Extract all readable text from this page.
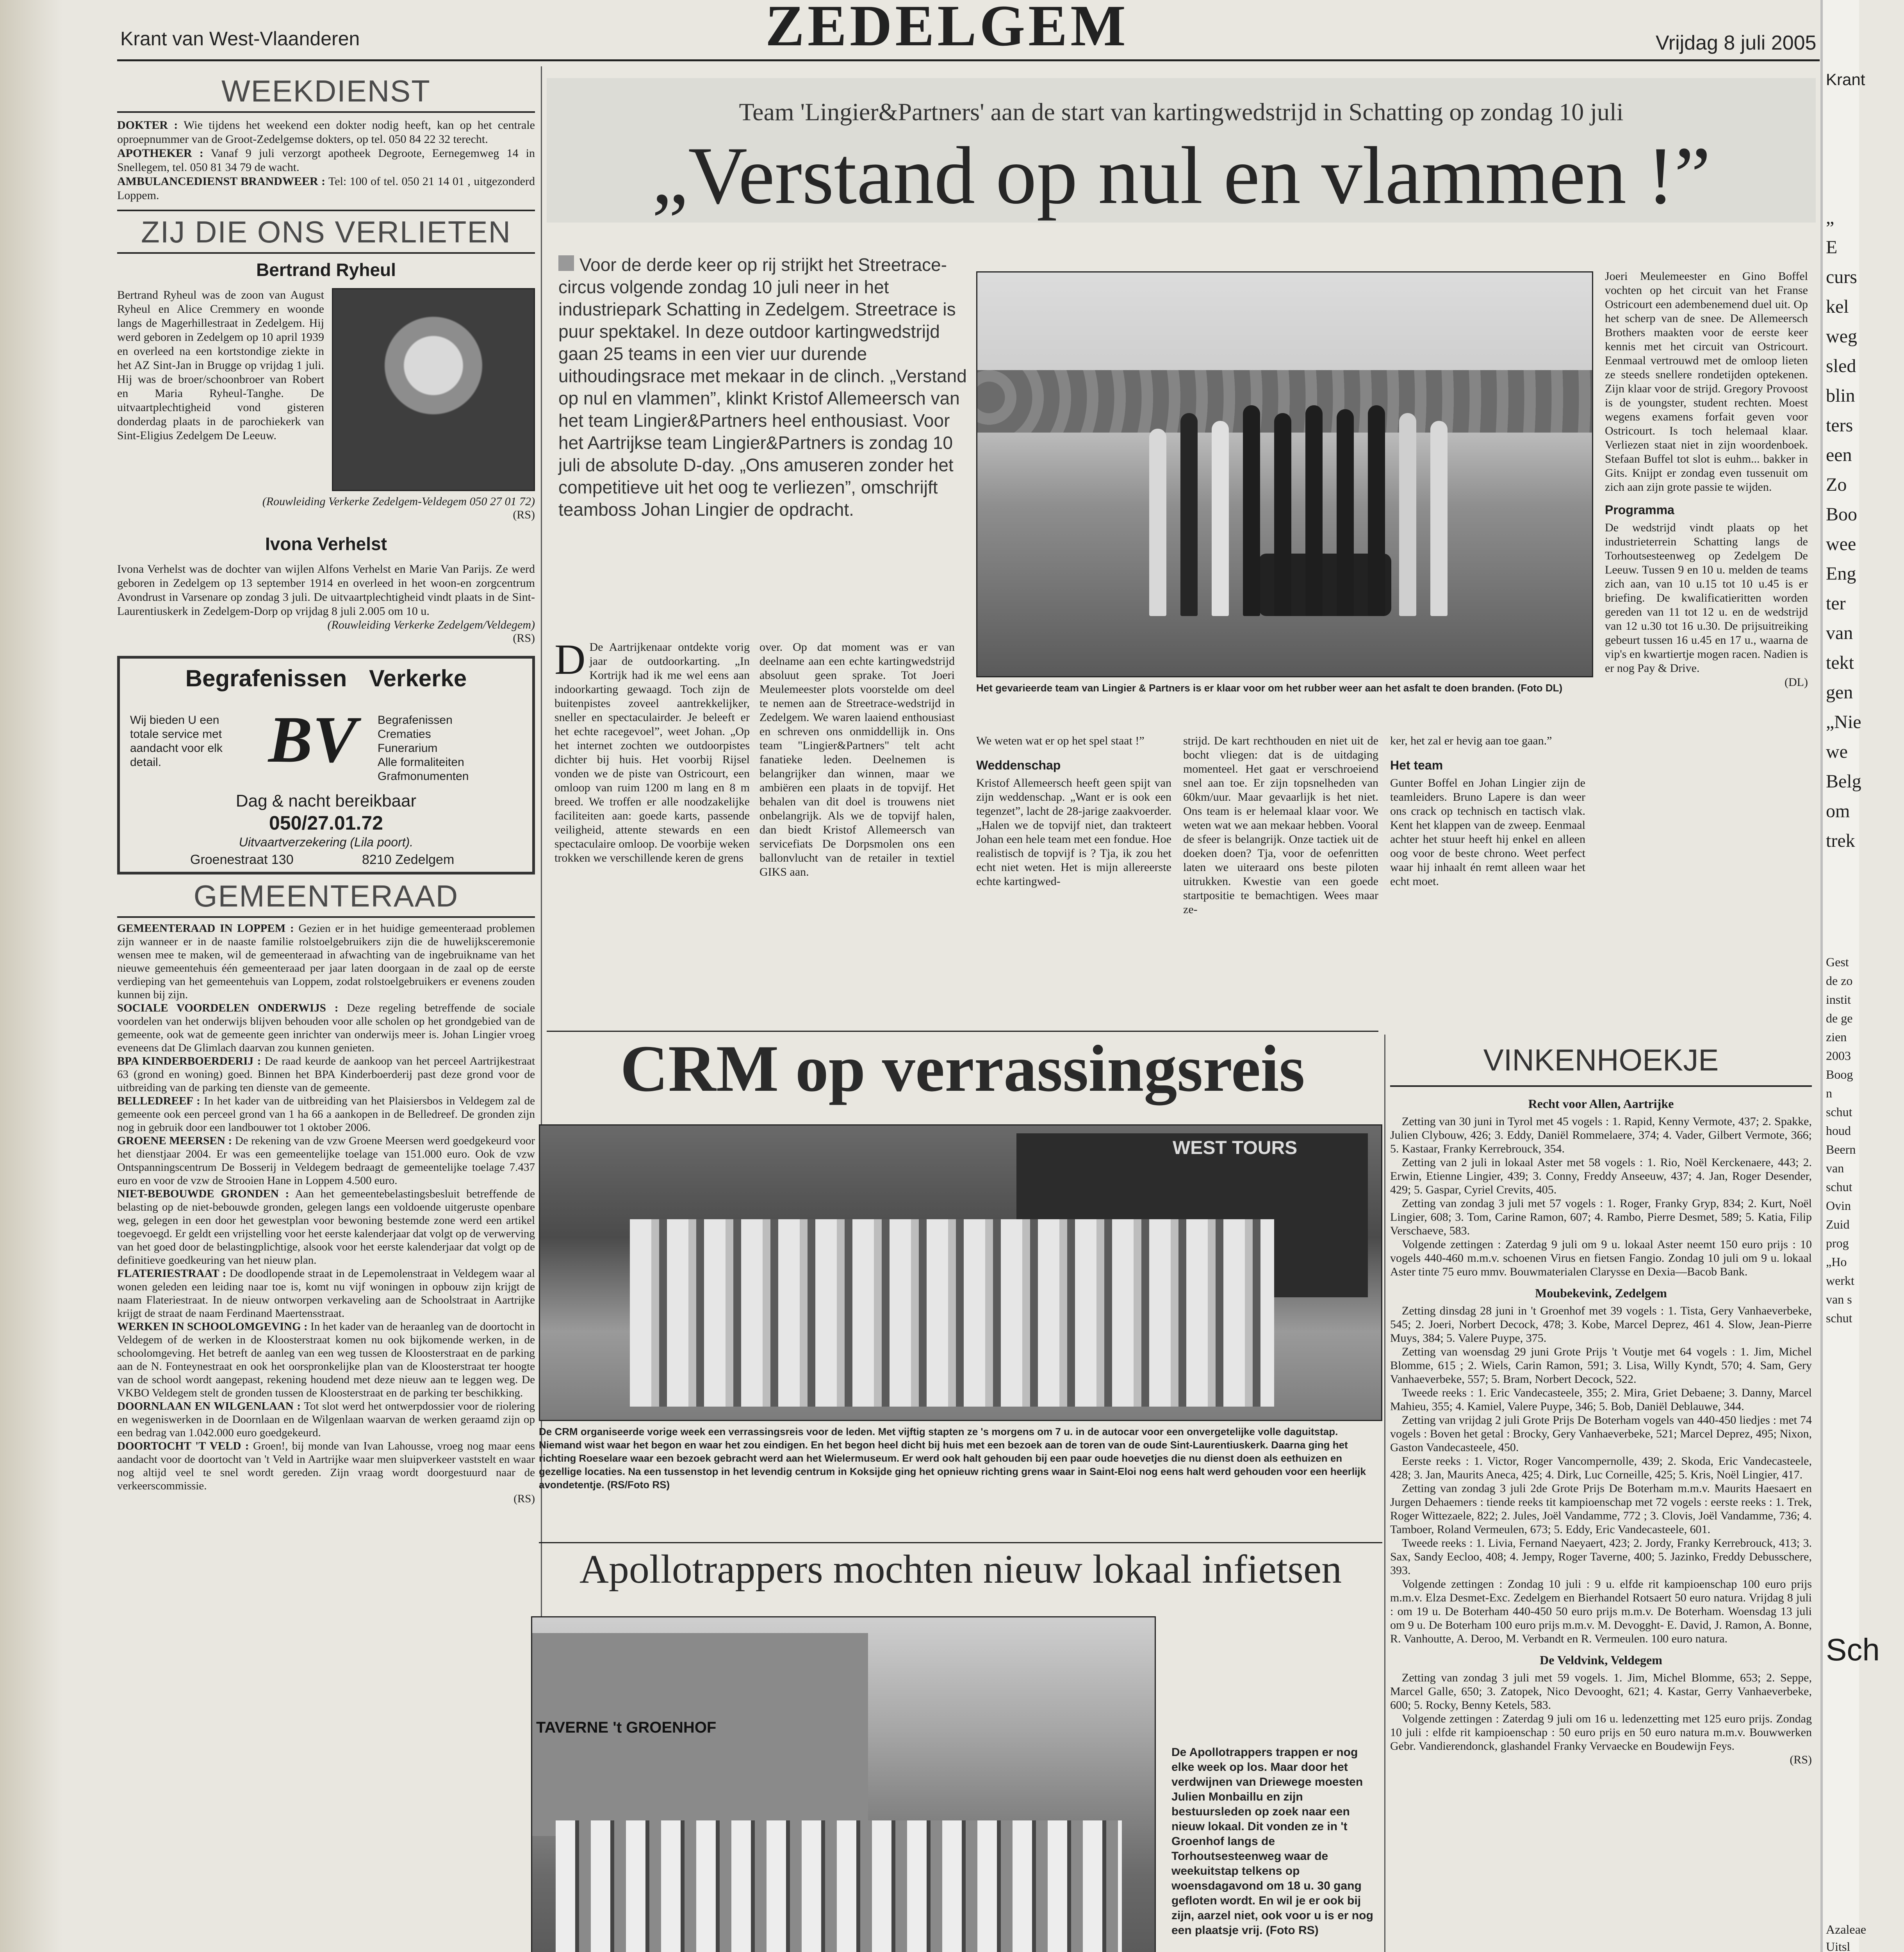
Krant van West-Vlaanderen	ZEDELGEM	Vrijdag 8 juli 2005
WEEKDIENST

DOKTER : Wie tijdens het weekend een dokter nodig heeft, kan op het centrale oproepnummer van de Groot-Zedelgemse dokters, op tel. 050 84 22 32 terecht.

APOTHEKER : Vanaf 9 juli verzorgt apotheek Degroote, Eernegemweg 14 in Snellegem, tel. 050 81 34 79 de wacht.

AMBULANCEDIENST BRANDWEER : Tel: 100 of tel. 050 21 14 01 , uitgezonderd Loppem.

ZIJ DIE ONS VERLIETEN
Bertrand Ryheul
Bertrand Ryheul was de zoon van August Ryheul en Alice Cremmery en woonde langs de Magerhillestraat in Zedelgem. Hij werd geboren in Zedelgem op 10 april 1939 en overleed na een kortstondige ziekte in het AZ Sint-Jan in Brugge op vrijdag 1 juli. Hij was de broer/schoonbroer van Robert en Maria Ryheul-Tanghe. De uitvaartplechtigheid vond gisteren donderdag plaats in de parochiekerk van Sint-Eligius Zedelgem De Leeuw.
(Rouwleiding Verkerke Zedelgem-Veldegem 050 27 01 72)
(RS)
Ivona Verhelst
Ivona Verhelst was de dochter van wijlen Alfons Verhelst en Marie Van Parijs. Ze werd geboren in Zedelgem op 13 september 1914 en overleed in het woon-en zorgcentrum Avondrust in Varsenare op zondag 3 juli. De uitvaartplechtigheid vindt plaats in de Sint-Laurentiuskerk in Zedelgem-Dorp op vrijdag 8 juli 2.005 om 10 u.
(Rouwleiding Verkerke Zedelgem/Veldegem)
(RS)
Begrafenissen Verkerke
Wij bieden U een totale service met aandacht voor elk detail.	BV Begrafenissen
Crematies
Funerarium
Alle formaliteiten
Grafmonumenten
Dag & nacht bereikbaar
050/27.01.72
Uitvaartverzekering (Lila poort).
Groenestraat 130	8210 Zedelgem
GEMEENTERAAD

GEMEENTERAAD IN LOPPEM : Gezien er in het huidige gemeenteraad problemen zijn wanneer er in de naaste familie rolstoelgebruikers zijn die de huwelijksceremonie wensen mee te maken, wil de gemeenteraad in afwachting van de ingebruikname van het nieuwe gemeentehuis één gemeenteraad per jaar laten doorgaan in de zaal op de eerste verdieping van het gemeentehuis van Loppem, zodat rolstoelgebruikers er evenens zouden kunnen bij zijn.

SOCIALE VOORDELEN ONDERWIJS : Deze regeling betreffende de sociale voordelen van het onderwijs blijven behouden voor alle scholen op het grondgebied van de gemeente, ook wat de gemeente geen inrichter van onderwijs meer is. Johan Lingier vroeg eveneens dat De Glimlach daarvan zou kunnen genieten.

BPA KINDERBOERDERIJ : De raad keurde de aankoop van het perceel Aartrijkestraat 63 (grond en woning) goed. Binnen het BPA Kinderboerderij past deze grond voor de uitbreiding van de parking ten dienste van de gemeente.

BELLEDREEF : In het kader van de uitbreiding van het Plaisiersbos in Veldegem zal de gemeente ook een perceel grond van 1 ha 66 a aankopen in de Belledreef. De gronden zijn nog in gebruik door een landbouwer tot 1 oktober 2006.

GROENE MEERSEN : De rekening van de vzw Groene Meersen werd goedgekeurd voor het dienstjaar 2004. Er was een gemeentelijke toelage van 151.000 euro. Ook de vzw Ontspanningscentrum De Bosserij in Veldegem bedraagt de gemeentelijke toelage 7.437 euro en voor de vzw de Strooien Hane in Loppem 4.500 euro.

NIET-BEBOUWDE GRONDEN : Aan het gemeentebelastingsbesluit betreffende de belasting op de niet-bebouwde gronden, gelegen langs een voldoende uitgeruste openbare weg, gelegen in een door het gewestplan voor bewoning bestemde zone werd een artikel toegevoegd. Er geldt een vrijstelling voor het eerste kalenderjaar dat volgt op de verwerving van het goed door de belastingplichtige, alsook voor het eerste kalenderjaar dat volgt op de definitieve goedkeuring van het nieuw plan.

FLATERIESTRAAT : De doodlopende straat in de Lepemolenstraat in Veldegem waar al wonen geleden een leiding naar toe is, komt nu vijf woningen in opbouw zijn krijgt de naam Flateriestraat. In de nieuw ontworpen verkaveling aan de Schoolstraat in Aartrijke krijgt de straat de naam Ferdinand Maertensstraat.

WERKEN IN SCHOOLOMGEVING : In het kader van de heraanleg van de doortocht in Veldegem of de werken in de Kloosterstraat komen nu ook bijkomende werken, in de schoolomgeving. Het betreft de aanleg van een weg tussen de Kloosterstraat en de parking aan de N. Fonteynestraat en ook het oorspronkelijke plan van de Kloosterstraat ter hoogte van de school wordt aangepast, rekening houdend met deze nieuw aan te leggen weg. De VKBO Veldegem stelt de gronden tussen de Kloosterstraat en de parking ter beschikking.

DOORNLAAN EN WILGENLAAN : Tot slot werd het ontwerpdossier voor de riolering en wegeniswerken in de Doornlaan en de Wilgenlaan waarvan de werken geraamd zijn op een bedrag van 1.042.000 euro goedgekeurd.

DOORTOCHT 'T VELD : Groen!, bij monde van Ivan Lahousse, vroeg nog maar eens aandacht voor de doortocht van 't Veld in Aartrijke waar men sluipverkeer vaststelt en waar nog altijd veel te snel wordt gereden. Zijn vraag wordt doorgestuurd naar de verkeerscommissie.

(RS)
Team 'Lingier&Partners' aan de start van kartingwedstrijd in Schatting op zondag 10 juli
„Verstand op nul en vlammen !”
Voor de derde keer op rij strijkt het Streetrace-circus volgende zondag 10 juli neer in het industriepark Schatting in Zedelgem. Streetrace is puur spektakel. In deze outdoor kartingwedstrijd gaan 25 teams in een vier uur durende uithoudingsrace met mekaar in de clinch. „Verstand op nul en vlammen”, klinkt Kristof Allemeersch van het team Lingier&Partners heel enthousiast. Voor het Aartrijkse team Lingier&Partners is zondag 10 juli de absolute D-day. „Ons amuseren zonder het competitieve uit het oog te verliezen”, omschrijft teamboss Johan Lingier de opdracht.
Het gevarieerde team van Lingier & Partners is er klaar voor om het rubber weer aan het asfalt te doen branden. (Foto DL)
D De Aartrijkenaar ontdekte vorig jaar de outdoorkarting. „In Kortrijk had ik me wel eens aan indoorkarting gewaagd. Toch zijn de buitenpistes zoveel aantrekkelijker, sneller en spectaculairder. Je beleeft er het echte racegevoel”, weet Johan. „Op het internet zochten we outdoorpistes dichter bij huis. Het voorbij Rijsel vonden we de piste van Ostricourt, een omloop van ruim 1200 m lang en 8 m breed. We troffen er alle noodzakelijke faciliteiten aan: goede karts, passende veiligheid, attente stewards en een spectaculaire omloop. De voorbije weken trokken we verschillende keren de grens
over. Op dat moment was er van deelname aan een echte kartingwedstrijd absoluut geen sprake. Tot Joeri Meulemeester plots voorstelde om deel te nemen aan de Streetrace-wedstrijd in Zedelgem. We waren laaiend enthousiast en schreven ons onmiddellijk in. Ons team "Lingier&Partners" telt acht fanatieke leden. Deelnemen is belangrijker dan winnen, maar we ambiëren een plaats in de topvijf. Het behalen van dit doel is trouwens niet onbelangrijk. Als we de topvijf halen, dan biedt Kristof Allemeersch van servicefiats De Dorpsmolen ons een ballonvlucht van de retailer in textiel GIKS aan.
We weten wat er op het spel staat !”
Weddenschap
Kristof Allemeersch heeft geen spijt van zijn weddenschap. „Want er is ook een tegenzet”, lacht de 28-jarige zaakvoerder. „Halen we de topvijf niet, dan trakteert Johan een hele team met een fondue. Hoe realistisch de topvijf is ? Tja, ik zou het echt niet weten. Het is mijn allereerste echte kartingwed-
strijd. De kart rechthouden en niet uit de bocht vliegen: dat is de uitdaging momenteel. Het gaat er verschroeiend snel aan toe. Er zijn topsnelheden van 60km/uur. Maar gevaarlijk is het niet. Ons team is er helemaal klaar voor. We weten wat we aan mekaar hebben. Vooral de sfeer is belangrijk. Onze tactiek uit de doeken doen? Tja, voor de oefenritten laten we uiteraard ons beste piloten uitrukken. Kwestie van een goede startpositie te bemachtigen. Wees maar ze-
ker, het zal er hevig aan toe gaan.”
Het team
Gunter Boffel en Johan Lingier zijn de teamleiders. Bruno Lapere is dan weer ons crack op technisch en tactisch vlak. Kent het klappen van de zweep. Eenmaal achter het stuur heeft hij enkel en alleen oog voor de beste chrono. Weet perfect waar hij inhaalt én remt alleen waar het echt moet.
Joeri Meulemeester en Gino Boffel vochten op het circuit van het Franse Ostricourt een adembenemend duel uit. Op het scherp van de snee. De Allemeersch Brothers maakten voor de eerste keer kennis met het circuit van Ostricourt. Eenmaal vertrouwd met de omloop lieten ze steeds snellere rondetijden optekenen. Zijn klaar voor de strijd. Gregory Provoost is de youngster, student rechten. Moest wegens examens forfait geven voor Ostricourt. Is toch helemaal klaar. Verliezen staat niet in zijn woordenboek. Stefaan Buffel tot slot is euhm... bakker in Gits. Knijpt er zondag even tussenuit om zich aan zijn grote passie te wijden.
Programma
De wedstrijd vindt plaats op het industrieterrein Schatting langs de Torhoutsesteenweg op Zedelgem De Leeuw. Tussen 9 en 10 u. melden de teams zich aan, van 10 u.15 tot 10 u.45 is er briefing. De kwalificatieritten worden gereden van 11 tot 12 u. en de wedstrijd van 12 u.30 tot 16 u.30. De prijsuitreiking gebeurt tussen 16 u.45 en 17 u., waarna de vip's en kwartiertje mogen racen. Nadien is er nog Pay & Drive.
(DL)
CRM op verrassingsreis
WEST TOURS
De CRM organiseerde vorige week een verrassingsreis voor de leden. Met vijftig stapten ze 's morgens om 7 u. in de autocar voor een onvergetelijke volle daguitstap. Niemand wist waar het begon en waar het zou eindigen. En het begon heel dicht bij huis met een bezoek aan de toren van de oude Sint-Laurentiuskerk. Daarna ging het richting Roeselare waar een bezoek gebracht werd aan het Wielermuseum. Er werd ook halt gehouden bij een paar oude hoevetjes die nu dienst doen als eethuizen en gezellige locaties. Na een tussenstop in het levendig centrum in Koksijde ging het opnieuw richting grens waar in Saint-Eloi nog eens halt werd gehouden voor een heerlijk avondetentje. (RS/Foto RS)
Apollotrappers mochten nieuw lokaal infietsen
TAVERNE 't GROENHOF
De Apollotrappers trappen er nog elke week op los. Maar door het verdwijnen van Driewege moesten Julien Monbaillu en zijn bestuursleden op zoek naar een nieuw lokaal. Dit vonden ze in 't Groenhof langs de Torhoutsesteenweg waar de weekuitstap telkens op woensdagavond om 18 u. 30 gang gefloten wordt. En wil je er ook bij zijn, aarzel niet, ook voor u is er nog een plaatsje vrij. (Foto RS)
VINKENHOEKJE
Recht voor Allen, Aartrijke

Zetting van 30 juni in Tyrol met 45 vogels : 1. Rapid, Kenny Vermote, 437; 2. Spakke, Julien Clybouw, 426; 3. Eddy, Daniël Rommelaere, 374; 4. Vader, Gilbert Vermote, 366; 5. Kastaar, Franky Kerrebrouck, 354.

Zetting van 2 juli in lokaal Aster met 58 vogels : 1. Rio, Noël Kerckenaere, 443; 2. Erwin, Etienne Lingier, 439; 3. Conny, Freddy Anseeuw, 437; 4. Jan, Roger Desender, 429; 5. Gaspar, Cyriel Crevits, 405.

Zetting van zondag 3 juli met 57 vogels : 1. Roger, Franky Gryp, 834; 2. Kurt, Noël Lingier, 608; 3. Tom, Carine Ramon, 607; 4. Rambo, Pierre Desmet, 589; 5. Katia, Filip Verschaeve, 583.

Volgende zettingen : Zaterdag 9 juli om 9 u. lokaal Aster neemt 150 euro prijs : 10 vogels 440-460 m.m.v. schoenen Virus en fietsen Fangio. Zondag 10 juli om 9 u. lokaal Aster tinte 75 euro mmv. Bouwmaterialen Clarysse en Dexia—Bacob Bank.

Moubekevink, Zedelgem

Zetting dinsdag 28 juni in 't Groenhof met 39 vogels : 1. Tista, Gery Vanhaeverbeke, 545; 2. Joeri, Norbert Decock, 478; 3. Kobe, Marcel Deprez, 461 4. Slow, Jean-Pierre Muys, 384; 5. Valere Puype, 375.

Zetting van woensdag 29 juni Grote Prijs 't Voutje met 64 vogels : 1. Jim, Michel Blomme, 615 ; 2. Wiels, Carin Ramon, 591; 3. Lisa, Willy Kyndt, 570; 4. Sam, Gery Vanhaeverbeke, 557; 5. Bram, Norbert Decock, 522.

Tweede reeks : 1. Eric Vandecasteele, 355; 2. Mira, Griet Debaene; 3. Danny, Marcel Mahieu, 355; 4. Kamiel, Valere Puype, 346; 5. Bob, Daniël Deblauwe, 344.

Zetting van vrijdag 2 juli Grote Prijs De Boterham vogels van 440-450 liedjes : met 74 vogels : Boven het getal : Brocky, Gery Vanhaeverbeke, 521; Marcel Deprez, 495; Nixon, Gaston Vandecasteele, 450.

Eerste reeks : 1. Victor, Roger Vancompernolle, 439; 2. Skoda, Eric Vandecasteele, 428; 3. Jan, Maurits Aneca, 425; 4. Dirk, Luc Corneille, 425; 5. Kris, Noël Lingier, 417.

Zetting van zondag 3 juli 2de Grote Prijs De Boterham m.m.v. Maurits Haesaert en Jurgen Dehaemers : tiende reeks tit kampioenschap met 72 vogels : eerste reeks : 1. Trek, Roger Wittezaele, 822; 2. Jules, Joël Vandamme, 772 ; 3. Clovis, Joël Vandamme, 736; 4. Tamboer, Roland Vermeulen, 673; 5. Eddy, Eric Vandecasteele, 601.

Tweede reeks : 1. Livia, Fernand Naeyaert, 423; 2. Jordy, Franky Kerrebrouck, 413; 3. Sax, Sandy Eecloo, 408; 4. Jempy, Roger Taverne, 400; 5. Jazinko, Freddy Debusschere, 393.

Volgende zettingen : Zondag 10 juli : 9 u. elfde rit kampioenschap 100 euro prijs m.m.v. Elza Desmet-Exc. Zedelgem en Bierhandel Rotsaert 50 euro natura. Vrijdag 8 juli : om 19 u. De Boterham 440-450 50 euro prijs m.m.v. De Boterham. Woensdag 13 juli om 9 u. De Boterham 100 euro prijs m.m.v. M. Devogght- E. David, J. Ramon, A. Bonne, R. Vanhoutte, A. Deroo, M. Verbandt en R. Vermeulen. 100 euro natura.

De Veldvink, Veldegem

Zetting van zondag 3 juli met 59 vogels. 1. Jim, Michel Blomme, 653; 2. Seppe, Marcel Galle, 650; 3. Zatopek, Nico Devooght, 621; 4. Kastar, Gerry Vanhaeverbeke, 600; 5. Rocky, Benny Ketels, 583.

Volgende zettingen : Zaterdag 9 juli om 16 u. ledenzetting met 125 euro prijs. Zondag 10 juli : elfde rit kampioenschap : 50 euro prijs en 50 euro natura m.m.v. Bouwwerken Gebr. Vandierendonck, glashandel Franky Vervaecke en Boudewijn Feys.

(RS)
Krant
„
E
curs
kel
weg
sled
blin
ters
een
Zo
Boo
wee
Eng
ter
van
tekt
gen
„Nie
we
Belg
om
trek
Gest
de zo
instit
de ge
zien
2003
Boog
n
schut
houd
Beern
van
schut
Ovin
Zuid
prog
„Ho
werkt
van s
schut
Sch
Azaleae
Uitsl
